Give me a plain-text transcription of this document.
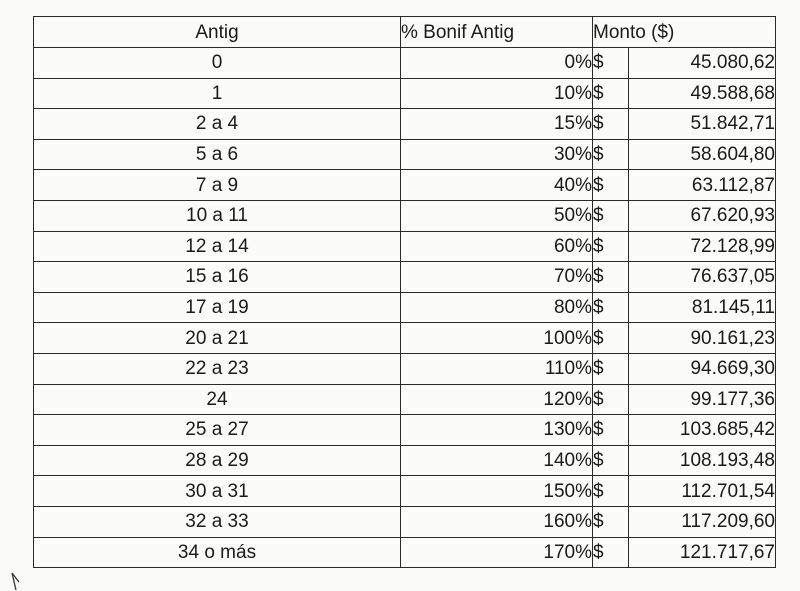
Antig	% Bonif Antig	Monto ($)	
0	0%	$	45.080,62
1	10%	$	49.588,68
2 a 4	15%	$	51.842,71
5 a 6	30%	$	58.604,80
7 a 9	40%	$	63.112,87
10 a 11	50%	$	67.620,93
12 a 14	60%	$	72.128,99
15 a 16	70%	$	76.637,05
17 a 19	80%	$	81.145,11
20 a 21	100%	$	90.161,23
22 a 23	110%	$	94.669,30
24	120%	$	99.177,36
25 a 27	130%	$	103.685,42
28 a 29	140%	$	108.193,48
30 a 31	150%	$	112.701,54
32 a 33	160%	$	117.209,60
34 o más	170%	$	121.717,67
